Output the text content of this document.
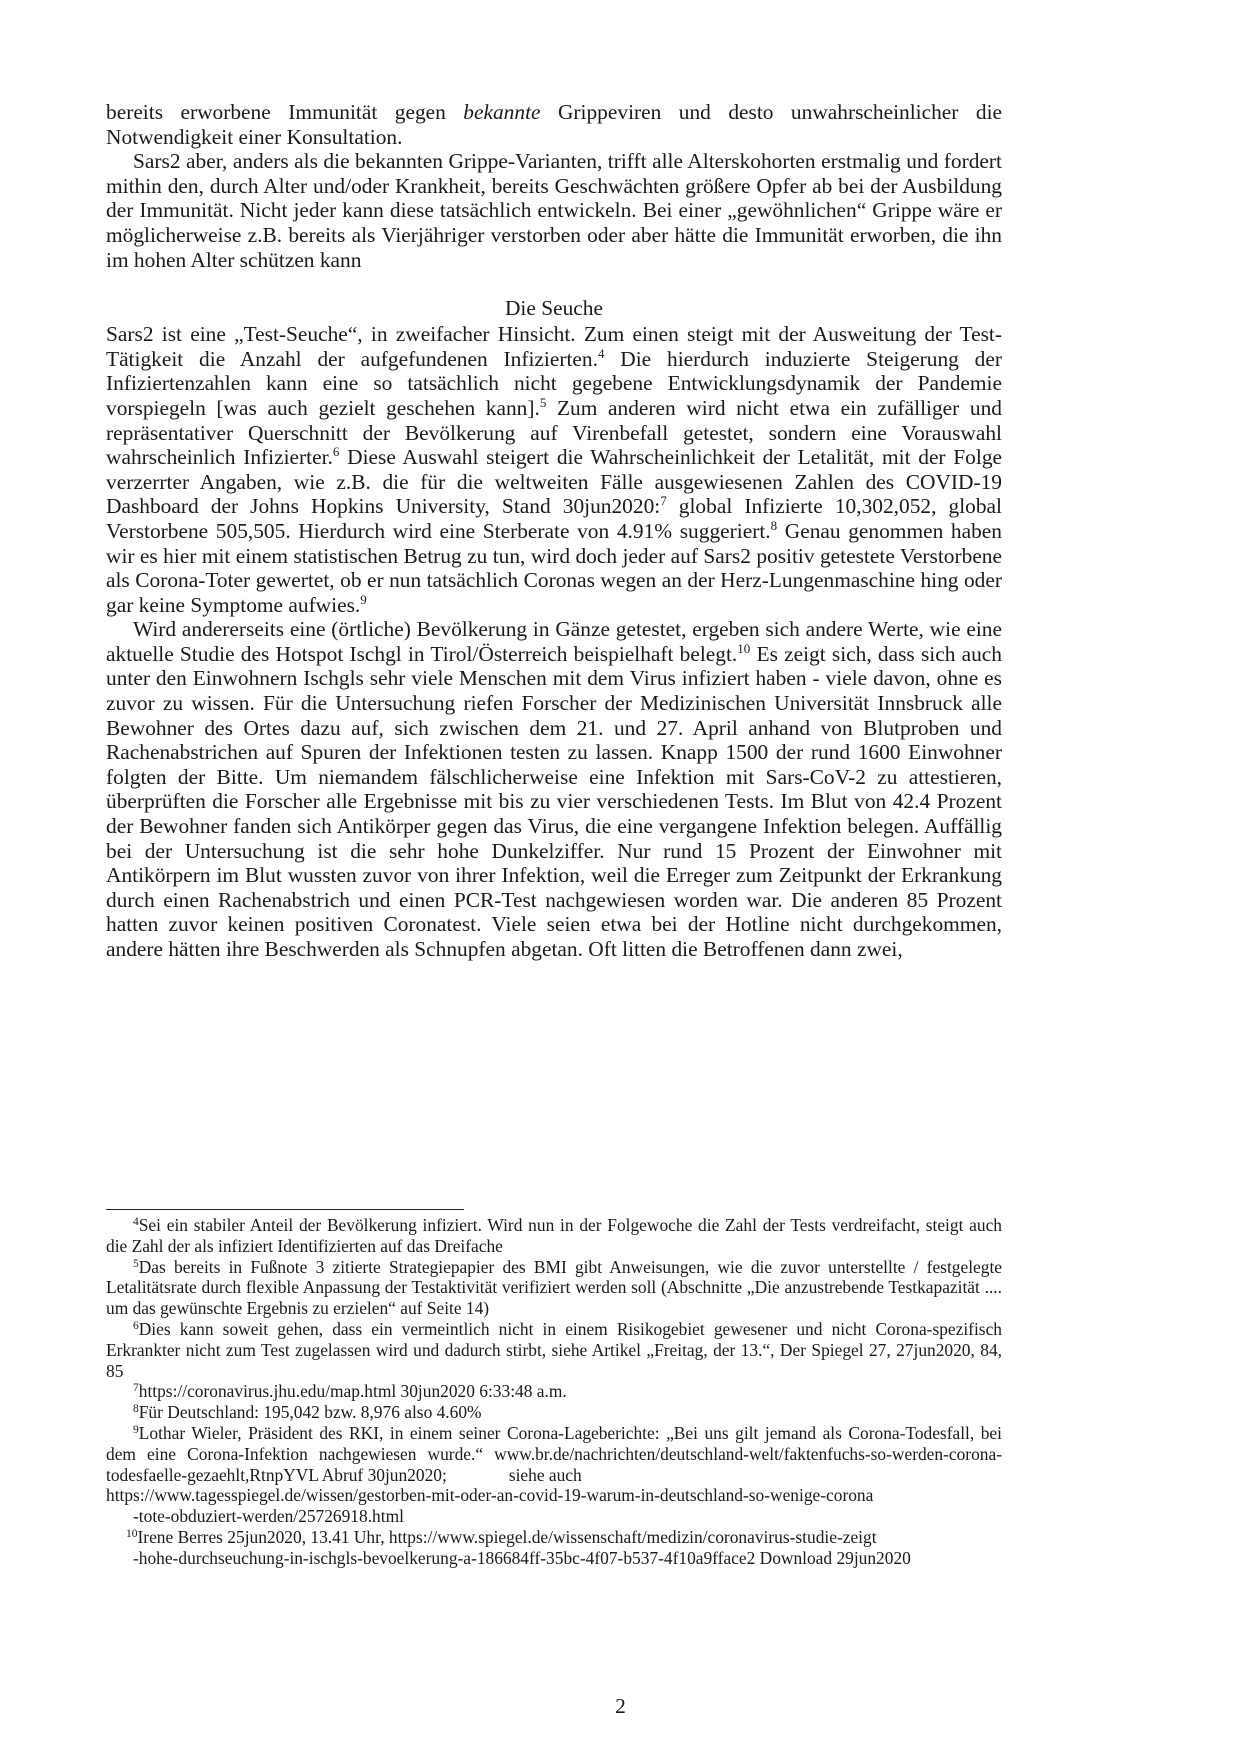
bereits erworbene Immunität gegen bekannte Grippeviren und desto unwahrscheinlicher die Notwendigkeit einer Konsultation.

Sars2 aber, anders als die bekannten Grippe-Varianten, trifft alle Alterskohorten erstmalig und fordert mithin den, durch Alter und/oder Krankheit, bereits Geschwächten größere Opfer ab bei der Ausbildung der Immunität. Nicht jeder kann diese tatsächlich entwickeln. Bei einer „gewöhnlichen“ Grippe wäre er möglicherweise z.B. bereits als Vierjähriger verstorben oder aber hätte die Immunität erworben, die ihn im hohen Alter schützen kann

Die Seuche

Sars2 ist eine „Test-Seuche“, in zweifacher Hinsicht. Zum einen steigt mit der Ausweitung der Test-Tätigkeit die Anzahl der aufgefundenen Infizierten.$^4$ Die hierdurch induzierte Steigerung der Infiziertenzahlen kann eine so tatsächlich nicht gegebene Entwicklungsdynamik der Pandemie vorspiegeln [was auch gezielt geschehen kann].$^5$ Zum anderen wird nicht etwa ein zufälliger und repräsentativer Querschnitt der Bevölkerung auf Virenbefall getestet, sondern eine Vorauswahl wahrscheinlich Infizierter.$^6$ Diese Auswahl steigert die Wahrscheinlichkeit der Letalität, mit der Folge verzerrter Angaben, wie z.B. die für die weltweiten Fälle ausgewiesenen Zahlen des COVID-19 Dashboard der Johns Hopkins University, Stand 30jun2020:$^7$ global Infizierte 10,302,052, global Verstorbene 505,505. Hierdurch wird eine Sterberate von 4.91% suggeriert.$^8$ Genau genommen haben wir es hier mit einem statistischen Betrug zu tun, wird doch jeder auf Sars2 positiv getestete Verstorbene als Corona-Toter gewertet, ob er nun tatsächlich Coronas wegen an der Herz-Lungenmaschine hing oder gar keine Symptome aufwies.$^9$

Wird andererseits eine (örtliche) Bevölkerung in Gänze getestet, ergeben sich andere Werte, wie eine aktuelle Studie des Hotspot Ischgl in Tirol/Österreich beispielhaft belegt.$^{10}$ Es zeigt sich, dass sich auch unter den Einwohnern Ischgls sehr viele Menschen mit dem Virus infiziert haben - viele davon, ohne es zuvor zu wissen. Für die Untersuchung riefen Forscher der Medizinischen Universität Innsbruck alle Bewohner des Ortes dazu auf, sich zwischen dem 21. und 27. April anhand von Blutproben und Rachenabstrichen auf Spuren der Infektionen testen zu lassen. Knapp 1500 der rund 1600 Einwohner folgten der Bitte. Um niemandem fälschlicherweise eine Infektion mit Sars-CoV-2 zu attestieren, überprüften die Forscher alle Ergebnisse mit bis zu vier verschiedenen Tests. Im Blut von 42.4 Prozent der Bewohner fanden sich Antikörper gegen das Virus, die eine vergangene Infektion belegen. Auffällig bei der Untersuchung ist die sehr hohe Dunkelziffer. Nur rund 15 Prozent der Einwohner mit Antikörpern im Blut wussten zuvor von ihrer Infektion, weil die Erreger zum Zeitpunkt der Erkrankung durch einen Rachenabstrich und einen PCR-Test nachgewiesen worden war. Die anderen 85 Prozent hatten zuvor keinen positiven Coronatest. Viele seien etwa bei der Hotline nicht durchgekommen, andere hätten ihre Beschwerden als Schnupfen abgetan. Oft litten die Betroffenen dann zwei,

$^4$Sei ein stabiler Anteil der Bevölkerung infiziert. Wird nun in der Folgewoche die Zahl der Tests verdreifacht, steigt auch die Zahl der als infiziert Identifizierten auf das Dreifache

$^5$Das bereits in Fußnote 3 zitierte Strategiepapier des BMI gibt Anweisungen, wie die zuvor unterstellte / festgelegte Letalitätsrate durch flexible Anpassung der Testaktivität verifiziert werden soll (Abschnitte „Die anzustrebende Testkapazität .... um das gewünschte Ergebnis zu erzielen“ auf Seite 14)

$^6$Dies kann soweit gehen, dass ein vermeintlich nicht in einem Risikogebiet gewesener und nicht Corona-spezifisch Erkrankter nicht zum Test zugelassen wird und dadurch stirbt, siehe Artikel „Freitag, der 13.“, Der Spiegel 27, 27jun2020, 84, 85

$^7$https://coronavirus.jhu.edu/map.html 30jun2020 6:33:48 a.m.

$^8$Für Deutschland: 195,042 bzw. 8,976 also 4.60%

$^9$Lothar Wieler, Präsident des RKI, in einem seiner Corona-Lageberichte: „Bei uns gilt jemand als Corona-Todesfall, bei dem eine Corona-Infektion nachgewiesen wurde.“ www.br.de/nachrichten/deutschland-welt/faktenfuchs-so-werden-corona-todesfaelle-gezaehlt,RtnpYVL Abruf 30jun2020;	siehe auch

https://www.tagesspiegel.de/wissen/gestorben-mit-oder-an-covid-19-warum-in-deutschland-so-wenige-corona

-tote-obduziert-werden/25726918.html

$^{10}$Irene Berres 25jun2020, 13.41 Uhr, https://www.spiegel.de/wissenschaft/medizin/coronavirus-studie-zeigt

-hohe-durchseuchung-in-ischgls-bevoelkerung-a-186684ff-35bc-4f07-b537-4f10a9fface2 Download 29jun2020

2
